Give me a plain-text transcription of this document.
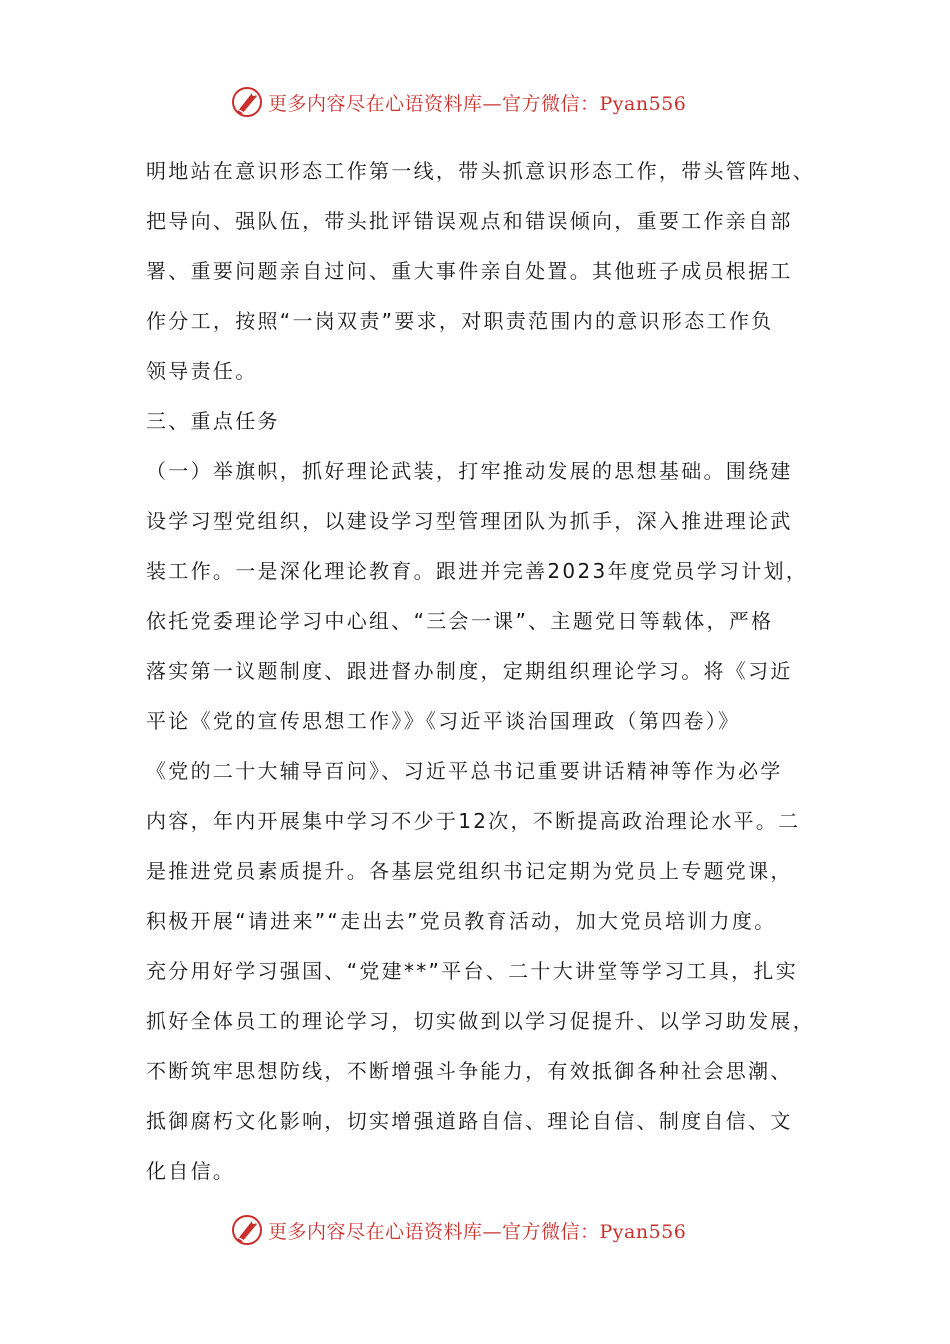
更多内容尽在心语资料库—官方微信：Pyan556
明地站在意识形态工作第一线，带头抓意识形态工作，带头管阵地、
把导向、强队伍，带头批评错误观点和错误倾向，重要工作亲自部
署、重要问题亲自过问、重大事件亲自处置。其他班子成员根据工
作分工，按照“一岗双责”要求，对职责范围内的意识形态工作负
领导责任。
三、重点任务
（一）举旗帜，抓好理论武装，打牢推动发展的思想基础。围绕建
设学习型党组织，以建设学习型管理团队为抓手，深入推进理论武
装工作。一是深化理论教育。跟进并完善2023年度党员学习计划，
依托党委理论学习中心组、“三会一课”、主题党日等载体，严格
落实第一议题制度、跟进督办制度，定期组织理论学习。将《习近
平论《党的宣传思想工作》》《习近平谈治国理政（第四卷）》
《党的二十大辅导百问》、习近平总书记重要讲话精神等作为必学
内容，年内开展集中学习不少于12次，不断提高政治理论水平。二
是推进党员素质提升。各基层党组织书记定期为党员上专题党课，
积极开展“请进来”“走出去”党员教育活动，加大党员培训力度。
充分用好学习强国、“党建**”平台、二十大讲堂等学习工具，扎实
抓好全体员工的理论学习，切实做到以学习促提升、以学习助发展，
不断筑牢思想防线，不断增强斗争能力，有效抵御各种社会思潮、
抵御腐朽文化影响，切实增强道路自信、理论自信、制度自信、文
化自信。
更多内容尽在心语资料库—官方微信：Pyan556
